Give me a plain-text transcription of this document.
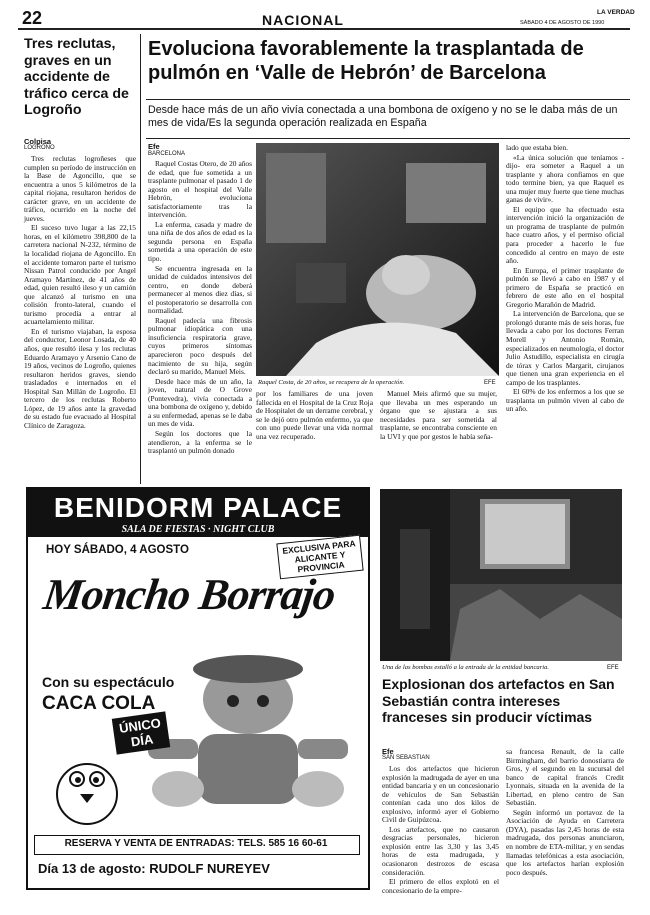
22	NACIONAL	LA VERDAD
SÁBADO 4 DE AGOSTO DE 1990
Tres reclutas, graves en un accidente de tráfico cerca de Logroño
Colpisa
LOGROÑO

Tres reclutas logroñeses que cumplen su período de instrucción en la Base de Agoncillo, que se encuentra a unos 5 kilómetros de la capital riojana, resultaron heridos de carácter grave, en un accidente de tráfico, ocurrido en la noche del jueves.

El suceso tuvo lugar a las 22,15 horas, en el kilómetro 398,800 de la carretera nacional N-232, término de la localidad riojana de Agoncillo. En el accidente tomaron parte el turismo Nissan Patrol conducido por Angel Aramayo Martínez, de 41 años de edad, quien resultó ileso y un camión que alcanzó al turismo en una colisión fronto-lateral, cuando el turismo procedía a entrar al acuartelamiento militar.

En el turismo viajaban, la esposa del conductor, Leonor Losada, de 40 años, que resultó ilesa y los reclutas Eduardo Aramayo y Arsenio Cano de 19 años, vecinos de Logroño, quienes resultaron heridos graves, siendo trasladados e internados en el Hospital San Millán de Logroño. El tercero de los reclutas Roberto López, de 19 años ante la gravedad de su estado fue evacuado al Hospital Clínico de Zaragoza.

Evoluciona favorablemente la trasplantada de pulmón en ‘Valle de Hebrón’ de Barcelona
Desde hace más de un año vivía conectada a una bombona de oxígeno y no se le daba más de un mes de vida/Es la segunda operación realizada en España
Efe
BARCELONA

Raquel Costas Otero, de 20 años de edad, que fue sometida a un trasplante pulmonar el pasado 1 de agosto en el hospital del Valle Hebrón, evoluciona satisfactoriamente tras la intervención.

La enferma, casada y madre de una niña de dos años de edad es la segunda persona en España sometida a una operación de este tipo.

Se encuentra ingresada en la unidad de cuidados intensivos del centro, en donde deberá permanecer al menos diez días, si el postoperatorio se desarrolla con normalidad.

Raquel padecía una fibrosis pulmonar idiopática con una insuficiencia respiratoria grave, cuyos primeros síntomas aparecieron poco después del nacimiento de su hija, según declaró su marido, Manuel Meis.

Desde hace más de un año, la joven, natural de O Grove (Pontevedra), vivía conectada a una bombona de oxígeno y, debido a su enfermedad, apenas se le daba un mes de vida.

Según los doctores que la atendieron, a la enferma se le trasplantó un pulmón donado

Raquel Costa, de 20 años, se recupera de la operación.	EFE

por los familiares de una joven fallecida en el Hospital de la Cruz Roja de Hospitalet de un derrame cerebral, y se le dejó otro pulmón enfermo, ya que con uno puede llevar una vida normal una vez recuperado.

Manuel Meis afirmó que su mujer, que llevaba un mes esperando un órgano que se ajustara a sus necesidades para ser sometida al trasplante, se encontraba consciente en la UVI y que por gestos le había seña-

lado que estaba bien.

«La única solución que teníamos -dijo- era someter a Raquel a un trasplante y ahora confiamos en que todo termine bien, ya que Raquel es una mujer muy fuerte que tiene muchas ganas de vivir».

El equipo que ha efectuado esta intervención inició la organización de un programa de trasplante de pulmón hace cuatro años, y el permiso oficial para proceder a hacerlo le fue concedido al centro en mayo de este año.

En Europa, el primer trasplante de pulmón se llevó a cabo en 1987 y el primero de España se practicó en febrero de este año en el hospital Gregorio Marañón de Madrid.

La intervención de Barcelona, que se prolongó durante más de seis horas, fue llevada a cabo por los doctores Ferran Morell y Antonio Román, especializados en neumología, el doctor Julio Astudillo, especialista en cirugía de tórax y Carlos Margarit, cirujanos que tienen una gran experiencia en el campo de los trasplantes.

El 60% de los enfermos a los que se trasplanta un pulmón viven al cabo de un año.

BENIDORM PALACE
SALA DE FIESTAS · NIGHT CLUB
HOY SÁBADO, 4 AGOSTO	EXCLUSIVA PARA ALICANTE Y PROVINCIA
Moncho Borrajo
Con su espectáculo
CACA COLA
ÚNICO DÍA
RESERVA Y VENTA DE ENTRADAS: TELS. 585 16 60-61
Día 13 de agosto: RUDOLF NUREYEV
Una de las bombas estalló a la entrada de la entidad bancaria.	EFE
Explosionan dos artefactos en San Sebastián contra intereses franceses sin producir víctimas
Efe
SAN SEBASTIAN

Los dos artefactos que hicieron explosión la madrugada de ayer en una entidad bancaria y en un concesionario de vehículos de San Sebastián contenían cada uno dos kilos de explosivo, informó ayer el Gobierno Civil de Guipúzcoa.

Los artefactos, que no causaron desgracias personales, hicieron explosión entre las 3,30 y las 3,45 horas de esta madrugada, y ocasionaron destrozos de escasa consideración.

El primero de ellos explotó en el concesionario de la empre-

sa francesa Renault, de la calle Birmingham, del barrio donostiarra de Gros, y el segundo en la sucursal del banco de capital francés Credit Lyonnais, situada en la avenida de la Libertad, en pleno centro de San Sebastián.

Según informó un portavoz de la Asociación de Ayuda en Carretera (DYA), pasadas las 2,45 horas de esta madrugada, dos personas anunciaron, en nombre de ETA-militar, y en sendas llamadas telefónicas a esta asociación, que los artefactos harían explosión poco después.
